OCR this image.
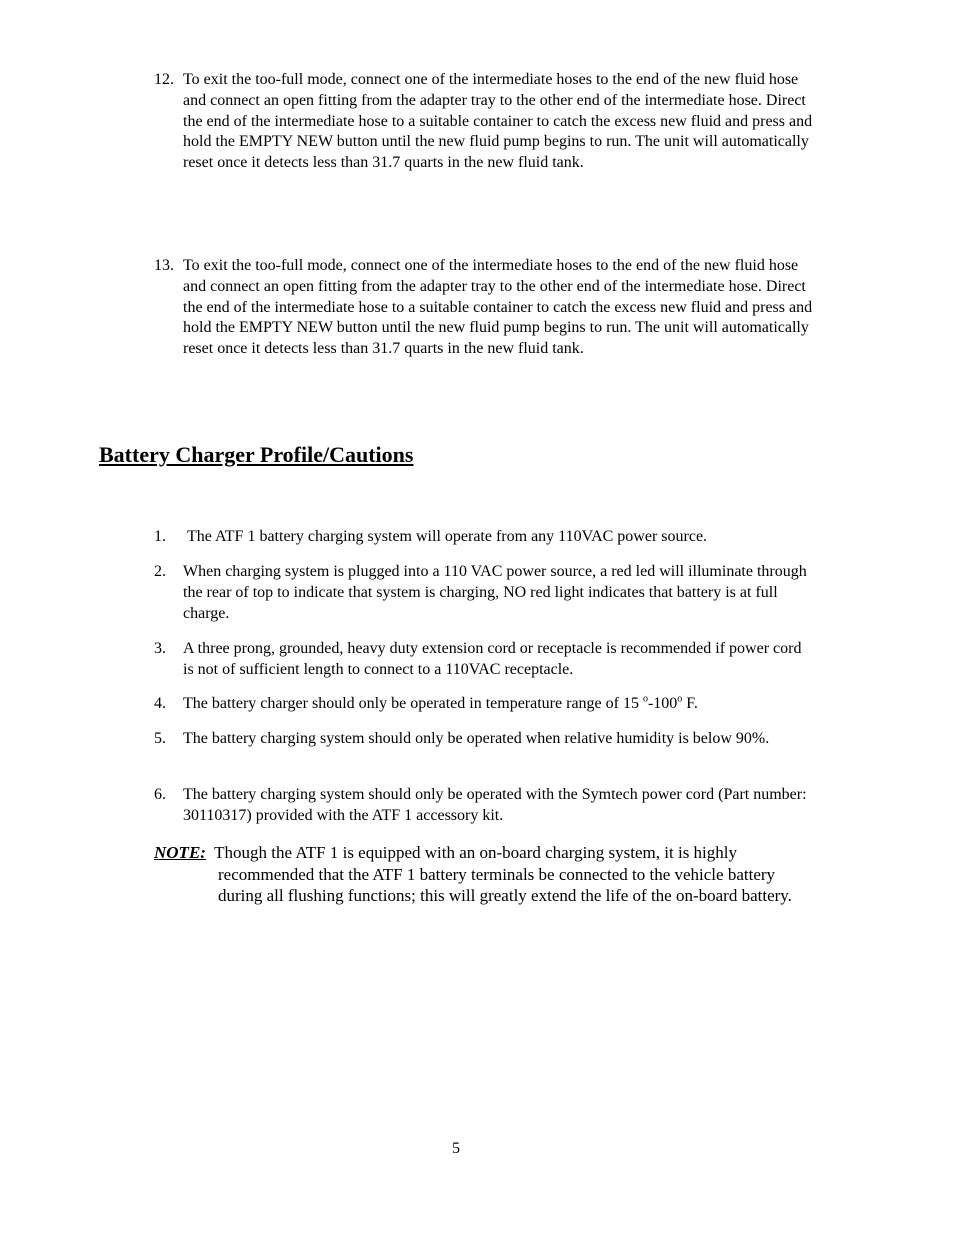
12. To exit the too-full mode, connect one of the intermediate hoses to the end of the new fluid hose and connect an open fitting from the adapter tray to the other end of the intermediate hose. Direct the end of the intermediate hose to a suitable container to catch the excess new fluid and press and hold the EMPTY NEW button until the new fluid pump begins to run. The unit will automatically reset once it detects less than 31.7 quarts in the new fluid tank.
13. To exit the too-full mode, connect one of the intermediate hoses to the end of the new fluid hose and connect an open fitting from the adapter tray to the other end of the intermediate hose. Direct the end of the intermediate hose to a suitable container to catch the excess new fluid and press and hold the EMPTY NEW button until the new fluid pump begins to run. The unit will automatically reset once it detects less than 31.7 quarts in the new fluid tank.
Battery Charger Profile/Cautions
1. The ATF 1 battery charging system will operate from any 110VAC power source.
2. When charging system is plugged into a 110 VAC power source, a red led will illuminate through the rear of top to indicate that system is charging, NO red light indicates that battery is at full charge.
3. A three prong, grounded, heavy duty extension cord or receptacle is recommended if power cord is not of sufficient length to connect to a 110VAC receptacle.
4. The battery charger should only be operated in temperature range of 15 $^o$-100$^o$ F.
5. The battery charging system should only be operated when relative humidity is below 90%.
6. The battery charging system should only be operated with the Symtech power cord (Part number: 30110317) provided with the ATF 1 accessory kit.

NOTE:  Though the ATF 1 is equipped with an on-board charging system, it is highly recommended that the ATF 1 battery terminals be connected to the vehicle battery during all flushing functions; this will greatly extend the life of the on-board battery.

5
